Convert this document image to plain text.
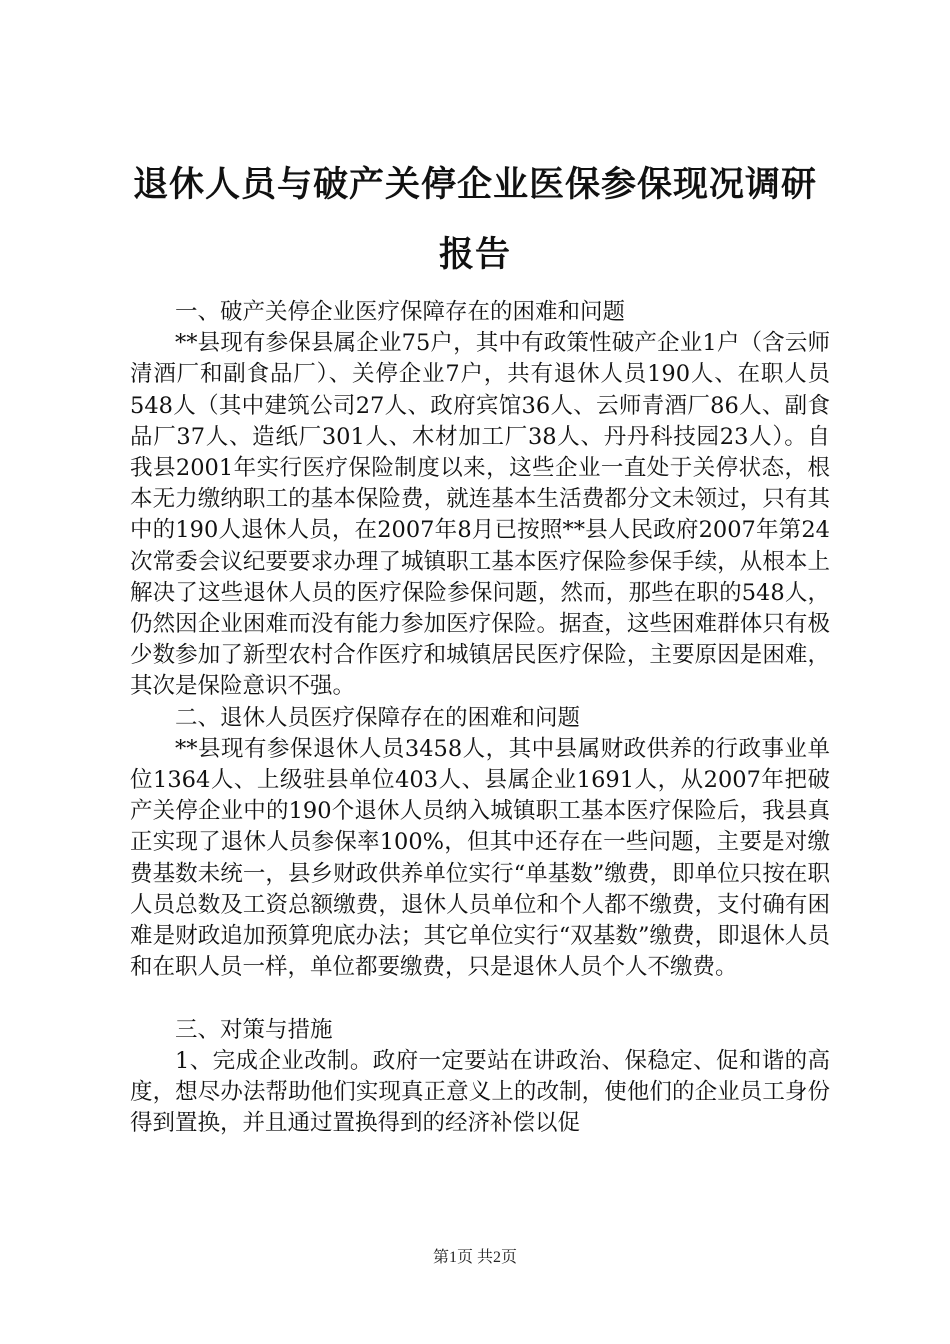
退休人员与破产关停企业医保参保现况调研报告

一、破产关停企业医疗保障存在的困难和问题

**县现有参保县属企业75户，其中有政策性破产企业1户（含云师清酒厂和副食品厂）、关停企业7户，共有退休人员190人、在职人员548人（其中建筑公司27人、政府宾馆36人、云师青酒厂86人、副食品厂37人、造纸厂301人、木材加工厂38人、丹丹科技园23人）。自我县2001年实行医疗保险制度以来，这些企业一直处于关停状态，根本无力缴纳职工的基本保险费，就连基本生活费都分文未领过，只有其中的190人退休人员，在2007年8月已按照**县人民政府2007年第24次常委会议纪要要求办理了城镇职工基本医疗保险参保手续，从根本上解决了这些退休人员的医疗保险参保问题，然而，那些在职的548人，仍然因企业困难而没有能力参加医疗保险。据查，这些困难群体只有极少数参加了新型农村合作医疗和城镇居民医疗保险，主要原因是困难，其次是保险意识不强。

二、退休人员医疗保障存在的困难和问题

**县现有参保退休人员3458人，其中县属财政供养的行政事业单位1364人、上级驻县单位403人、县属企业1691人，从2007年把破产关停企业中的190个退休人员纳入城镇职工基本医疗保险后，我县真正实现了退休人员参保率100%，但其中还存在一些问题，主要是对缴费基数未统一，县乡财政供养单位实行“单基数”缴费，即单位只按在职人员总数及工资总额缴费，退休人员单位和个人都不缴费，支付确有困难是财政追加预算兜底办法；其它单位实行“双基数”缴费，即退休人员和在职人员一样，单位都要缴费，只是退休人员个人不缴费。

三、对策与措施

1、完成企业改制。政府一定要站在讲政治、保稳定、促和谐的高度，想尽办法帮助他们实现真正意义上的改制，使他们的企业员工身份得到置换，并且通过置换得到的经济补偿以促

第1页 共2页
